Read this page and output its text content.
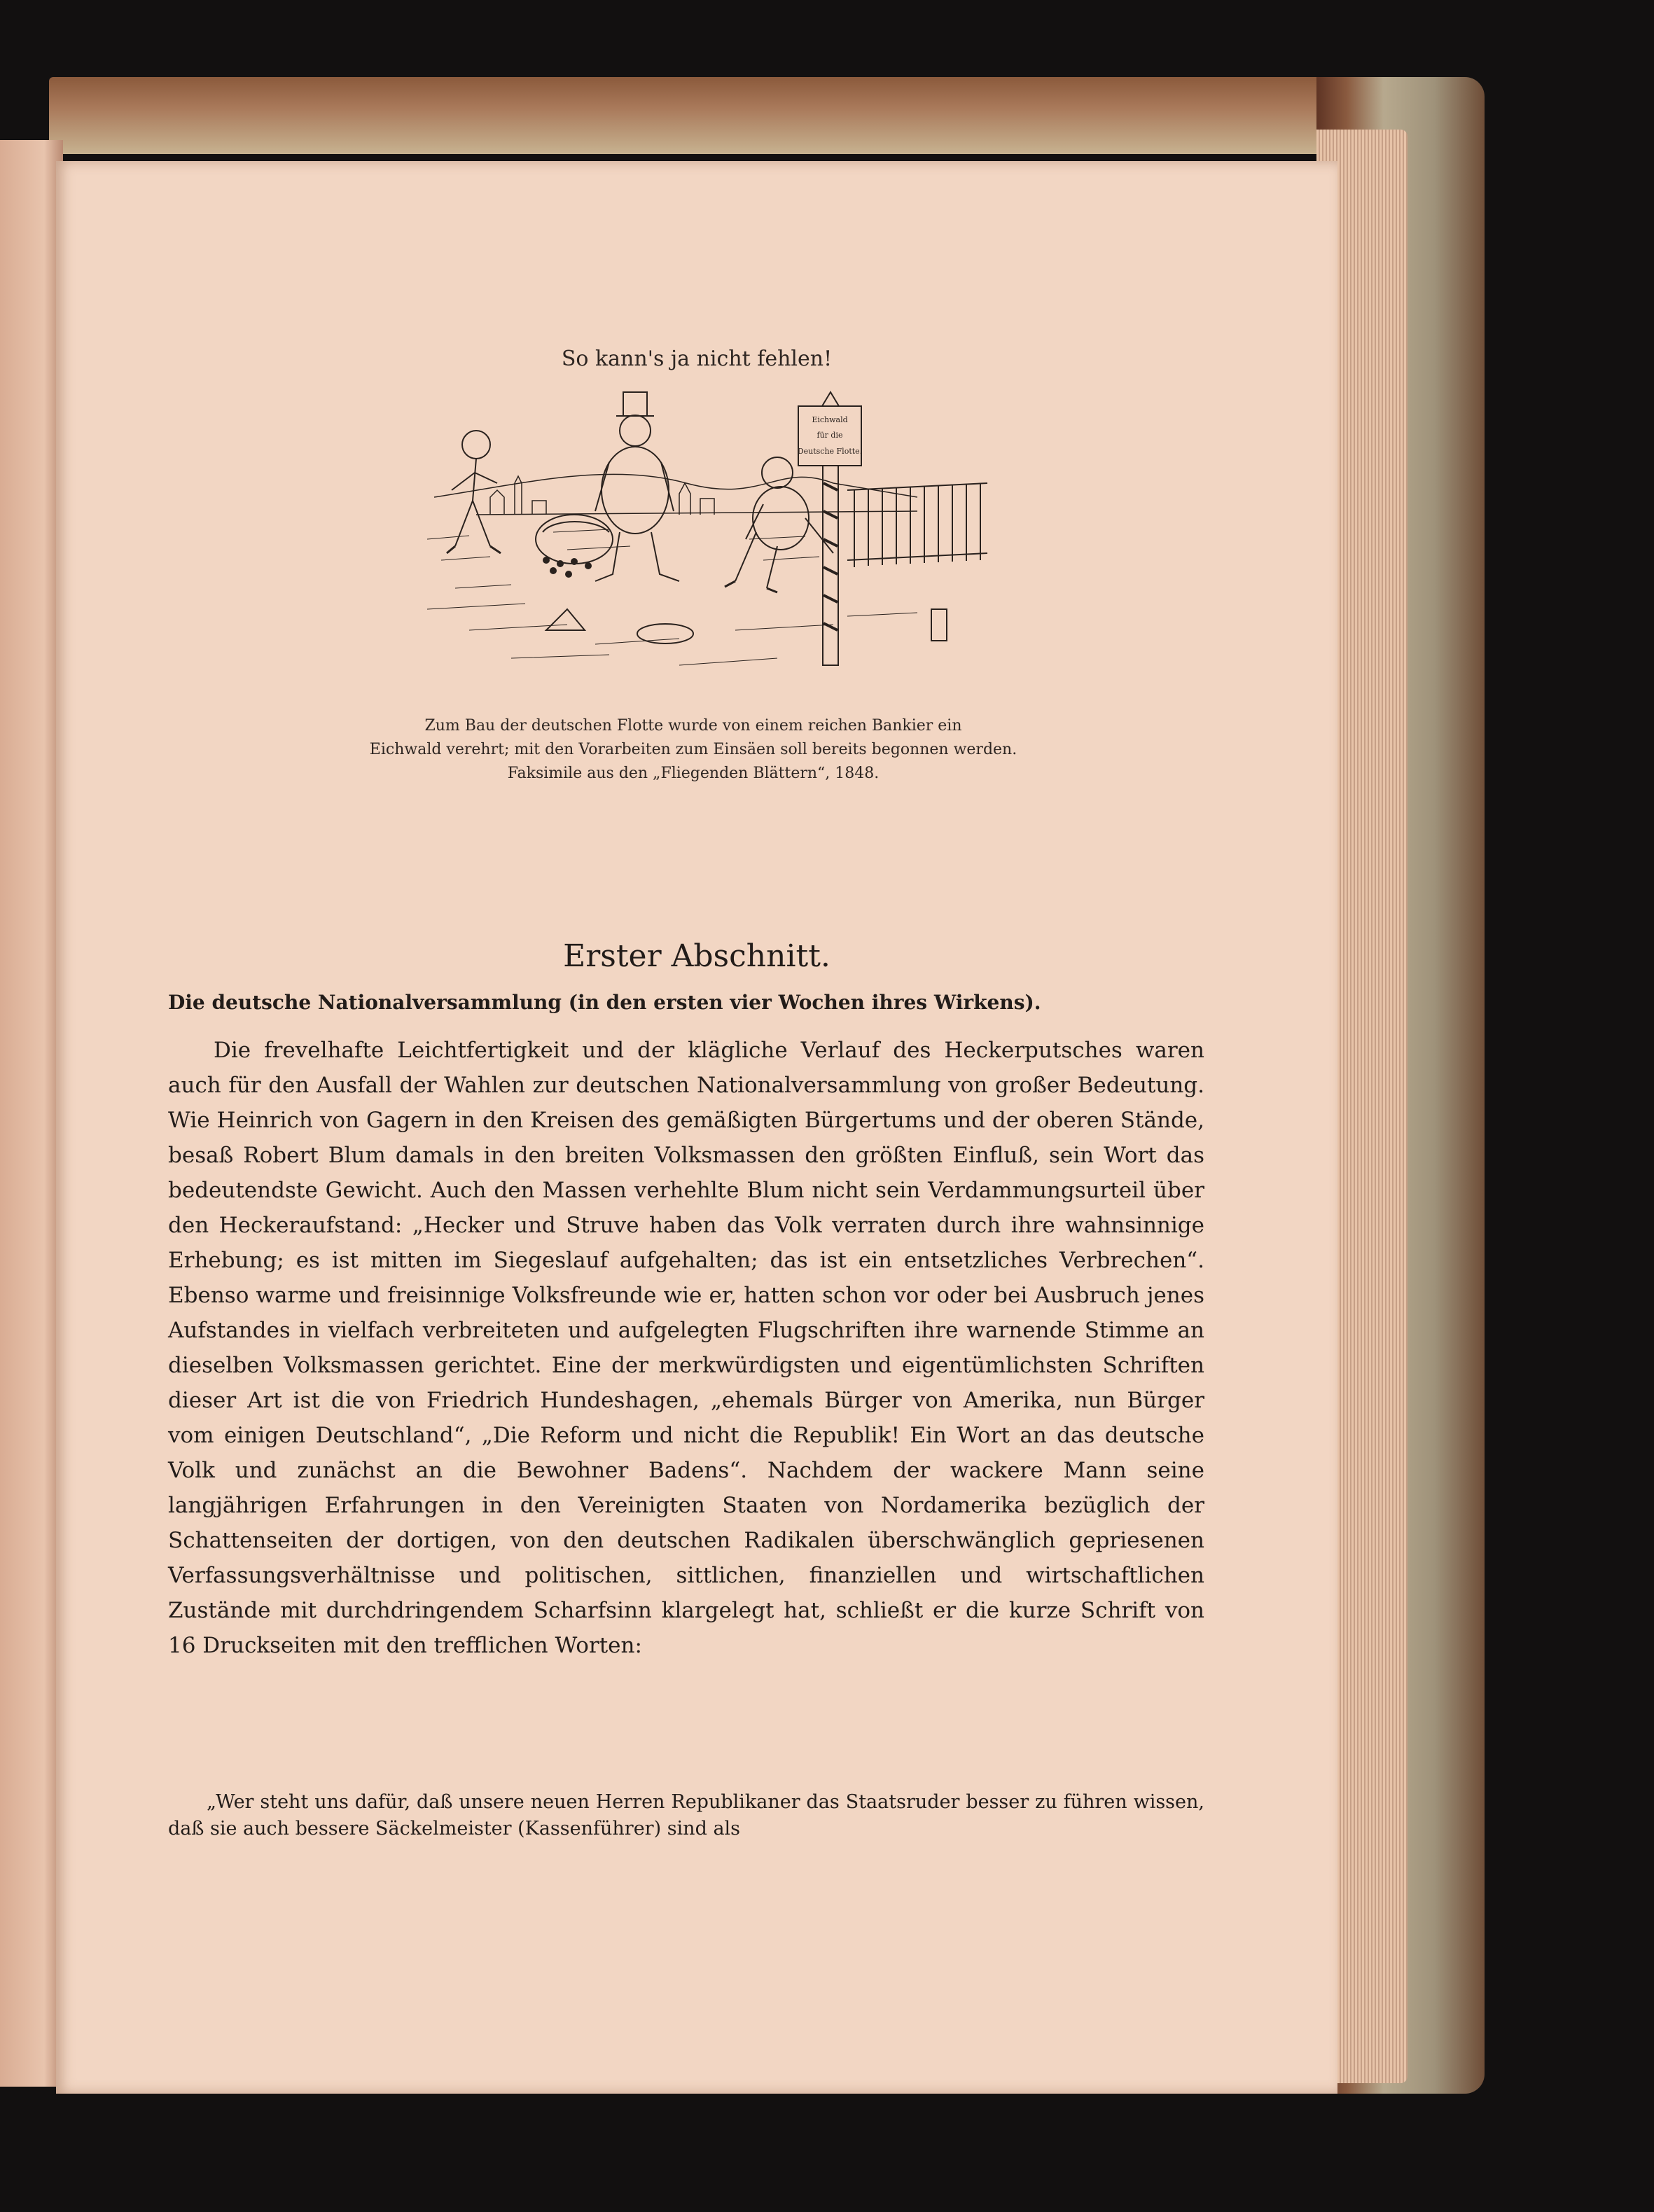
So kann's ja nicht fehlen!
Eichwald
für die
Deutsche Flotte.
Zum Bau der deutschen Flotte wurde von einem reichen Bankier ein
Eichwald verehrt; mit den Vorarbeiten zum Einsäen soll bereits begonnen werden.
Faksimile aus den „Fliegenden Blättern“, 1848.
Erster Abschnitt.
Die deutsche Nationalversammlung (in den ersten vier Wochen ihres Wirkens).

Die frevelhafte Leichtfertigkeit und der klägliche Verlauf des Heckerputsches waren auch für den Ausfall der Wahlen zur deutschen Nationalversammlung von großer Bedeutung. Wie Heinrich von Gagern in den Kreisen des gemäßigten Bürgertums und der oberen Stände, besaß Robert Blum damals in den breiten Volksmassen den größten Einfluß, sein Wort das bedeutendste Gewicht. Auch den Massen verhehlte Blum nicht sein Verdammungsurteil über den Heckeraufstand: „Hecker und Struve haben das Volk verraten durch ihre wahnsinnige Erhebung; es ist mitten im Siegeslauf aufgehalten; das ist ein entsetzliches Verbrechen“. Ebenso warme und freisinnige Volksfreunde wie er, hatten schon vor oder bei Ausbruch jenes Aufstandes in vielfach verbreiteten und aufgelegten Flugschriften ihre warnende Stimme an dieselben Volksmassen gerichtet. Eine der merkwürdigsten und eigentümlichsten Schriften dieser Art ist die von Friedrich Hundeshagen, „ehemals Bürger von Amerika, nun Bürger vom einigen Deutschland“, „Die Reform und nicht die Republik! Ein Wort an das deutsche Volk und zunächst an die Bewohner Badens“. Nachdem der wackere Mann seine langjährigen Erfahrungen in den Vereinigten Staaten von Nordamerika bezüglich der Schattenseiten der dortigen, von den deutschen Radikalen überschwänglich gepriesenen Verfassungsverhältnisse und politischen, sittlichen, finanziellen und wirtschaftlichen Zustände mit durchdringendem Scharfsinn klargelegt hat, schließt er die kurze Schrift von 16 Druckseiten mit den trefflichen Worten:

„Wer steht uns dafür, daß unsere neuen Herren Republikaner das Staatsruder besser zu führen wissen, daß sie auch bessere Säckelmeister (Kassenführer) sind als
